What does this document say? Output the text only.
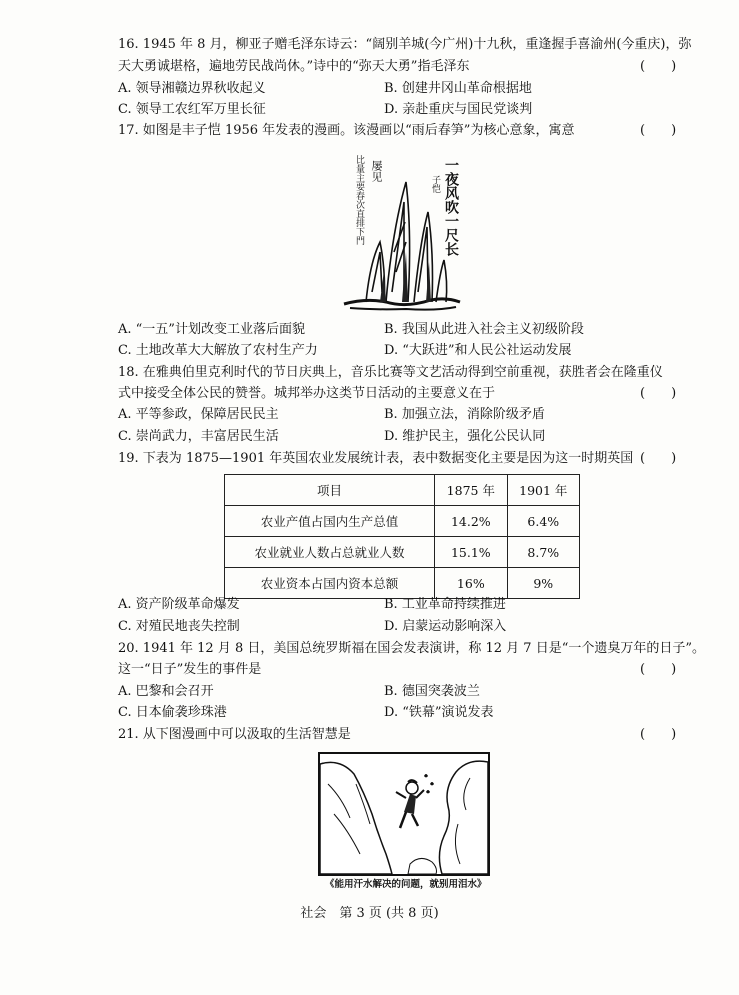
16. 1945 年 8 月，柳亚子赠毛泽东诗云：“阔别羊城(今广州)十九秋，重逢握手喜渝州(今重庆)，弥
天大勇诚堪格，遍地劳民战尚休。”诗中的“弥天大勇”指毛泽东	(　　)
A. 领导湘赣边界秋收起义	B. 创建井冈山革命根据地
C. 领导工农红军万里长征	D. 亲赴重庆与国民党谈判
17. 如图是丰子恺 1956 年发表的漫画。该漫画以“雨后春笋”为核心意象，寓意	(　　)
比量主要春次直排下門 屡见	一夜风吹一尺长
子恺
A. “一五”计划改变工业落后面貌	B. 我国从此进入社会主义初级阶段
C. 土地改革大大解放了农村生产力	D. “大跃进”和人民公社运动发展
18. 在雅典伯里克利时代的节日庆典上，音乐比赛等文艺活动得到空前重视，获胜者会在隆重仪
式中接受全体公民的赞誉。城邦举办这类节日活动的主要意义在于	(　　)
A. 平等参政，保障居民民主	B. 加强立法，消除阶级矛盾
C. 崇尚武力，丰富居民生活	D. 维护民主，强化公民认同
19. 下表为 1875—1901 年英国农业发展统计表，表中数据变化主要是因为这一时期英国 (　　)
项目	1875 年	1901 年
农业产值占国内生产总值	14.2%	6.4%
农业就业人数占总就业人数	15.1%	8.7%
农业资本占国内资本总额	16%	9%
A. 资产阶级革命爆发	B. 工业革命持续推进
C. 对殖民地丧失控制	D. 启蒙运动影响深入
20. 1941 年 12 月 8 日，美国总统罗斯福在国会发表演讲，称 12 月 7 日是“一个遗臭万年的日子”。
这一“日子”发生的事件是	(　　)
A. 巴黎和会召开	B. 德国突袭波兰
C. 日本偷袭珍珠港	D. “铁幕”演说发表
21. 从下图漫画中可以汲取的生活智慧是	(　　)
《能用汗水解决的问题，就别用泪水》
社会　第 3 页 (共 8 页)
